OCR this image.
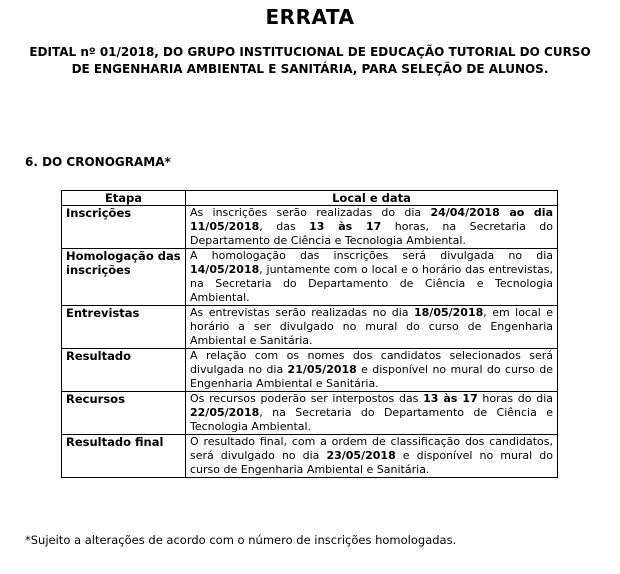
ERRATA
EDITAL nº 01/2018, DO GRUPO INSTITUCIONAL DE EDUCAÇÃO TUTORIAL DO CURSO DE ENGENHARIA AMBIENTAL E SANITÁRIA, PARA SELEÇÃO DE ALUNOS.
6. DO CRONOGRAMA*
Etapa	Local e data
Inscrições	As inscrições serão realizadas do dia 24/04/2018 ao dia 11/05/2018, das 13 às 17 horas, na Secretaria do Departamento de Ciência e Tecnologia Ambiental.
Homologação das inscrições	A homologação das inscrições será divulgada no dia 14/05/2018, juntamente com o local e o horário das entrevistas, na Secretaria do Departamento de Ciência e Tecnologia Ambiental.
Entrevistas	As entrevistas serão realizadas no dia 18/05/2018, em local e horário a ser divulgado no mural do curso de Engenharia Ambiental e Sanitária.
Resultado	A relação com os nomes dos candidatos selecionados será divulgada no dia 21/05/2018 e disponível no mural do curso de Engenharia Ambiental e Sanitária.
Recursos	Os recursos poderão ser interpostos das 13 às 17 horas do dia 22/05/2018, na Secretaria do Departamento de Ciência e Tecnologia Ambiental.
Resultado final	O resultado final, com a ordem de classificação dos candidatos, será divulgado no dia 23/05/2018 e disponível no mural do curso de Engenharia Ambiental e Sanitária.
*Sujeito a alterações de acordo com o número de inscrições homologadas.
